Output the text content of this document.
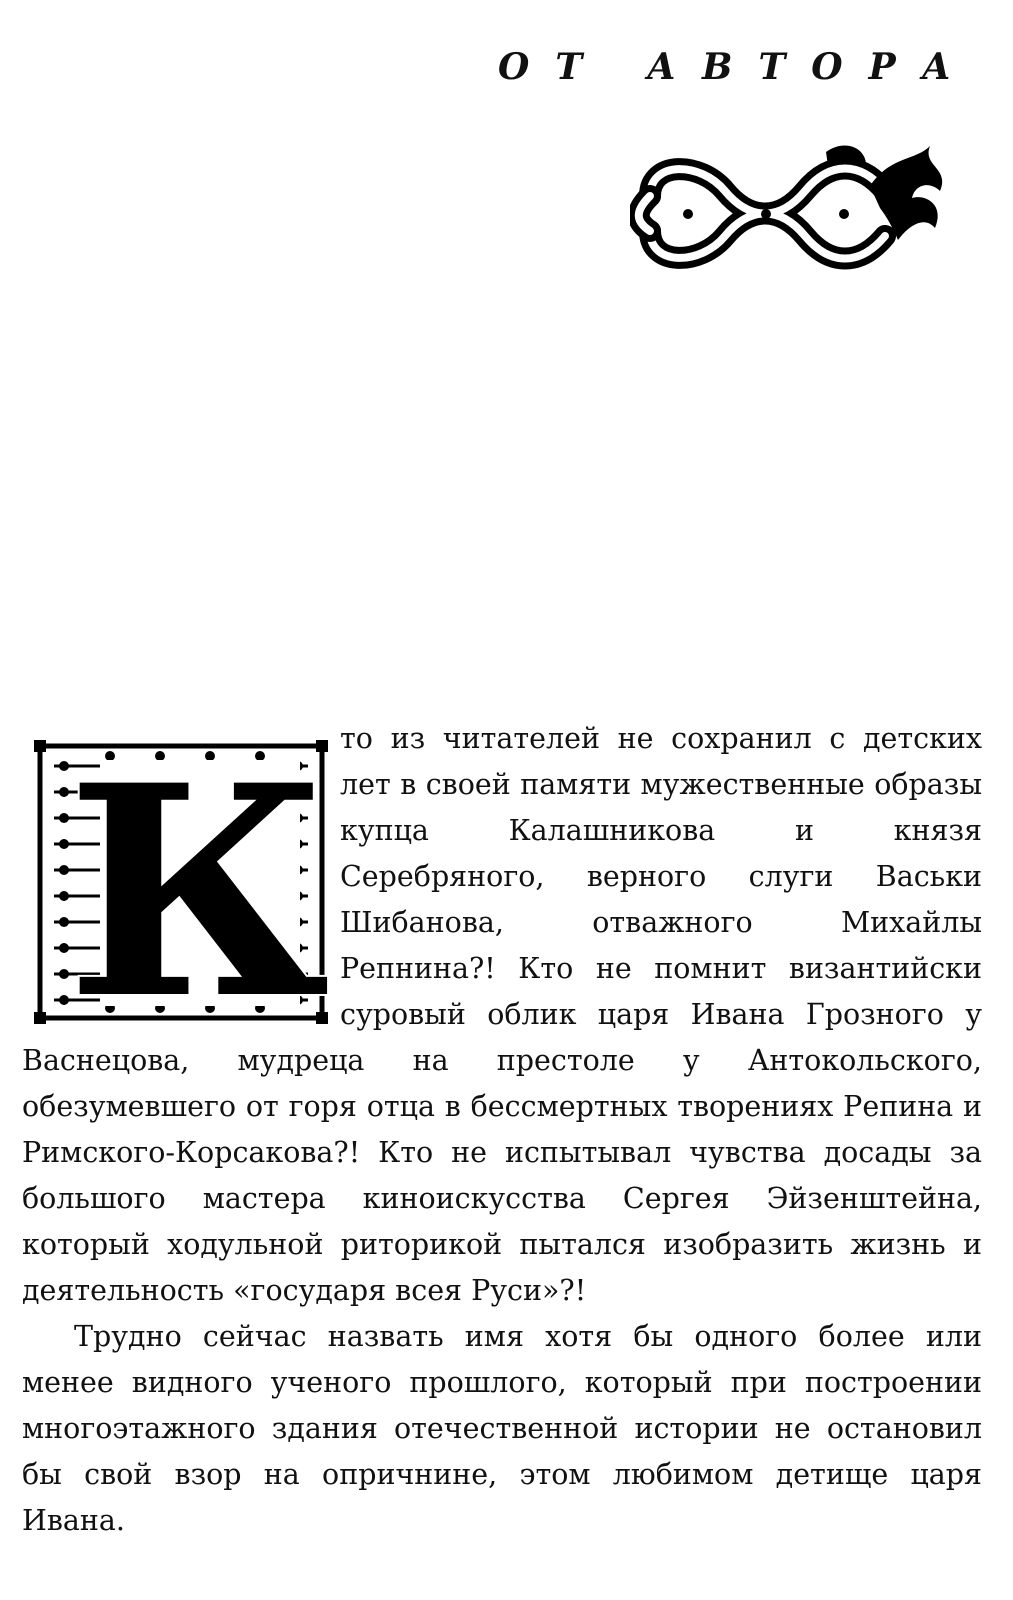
ОТ АВТОРА
К то из читателей не сохранил с детских лет в своей памяти мужественные образы купца Калашникова и князя Серебряного, верного слуги Васьки Шибанова, отважного Михайлы Репнина?! Кто не помнит византийски суровый облик царя Ивана Грозного у Васнецова, мудреца на престоле у Антокольского, обезумевшего от горя отца в бессмертных творениях Репина и Римского-Корсакова?! Кто не испытывал чувства досады за большого мастера киноискусства Сергея Эйзенштейна, который ходульной риторикой пытался изобразить жизнь и деятельность «государя всея Руси»?!

Трудно сейчас назвать имя хотя бы одного более или менее видного ученого прошлого, который при построении многоэтажного здания отечественной истории не остановил бы свой взор на опричнине, этом любимом детище царя Ивана.
